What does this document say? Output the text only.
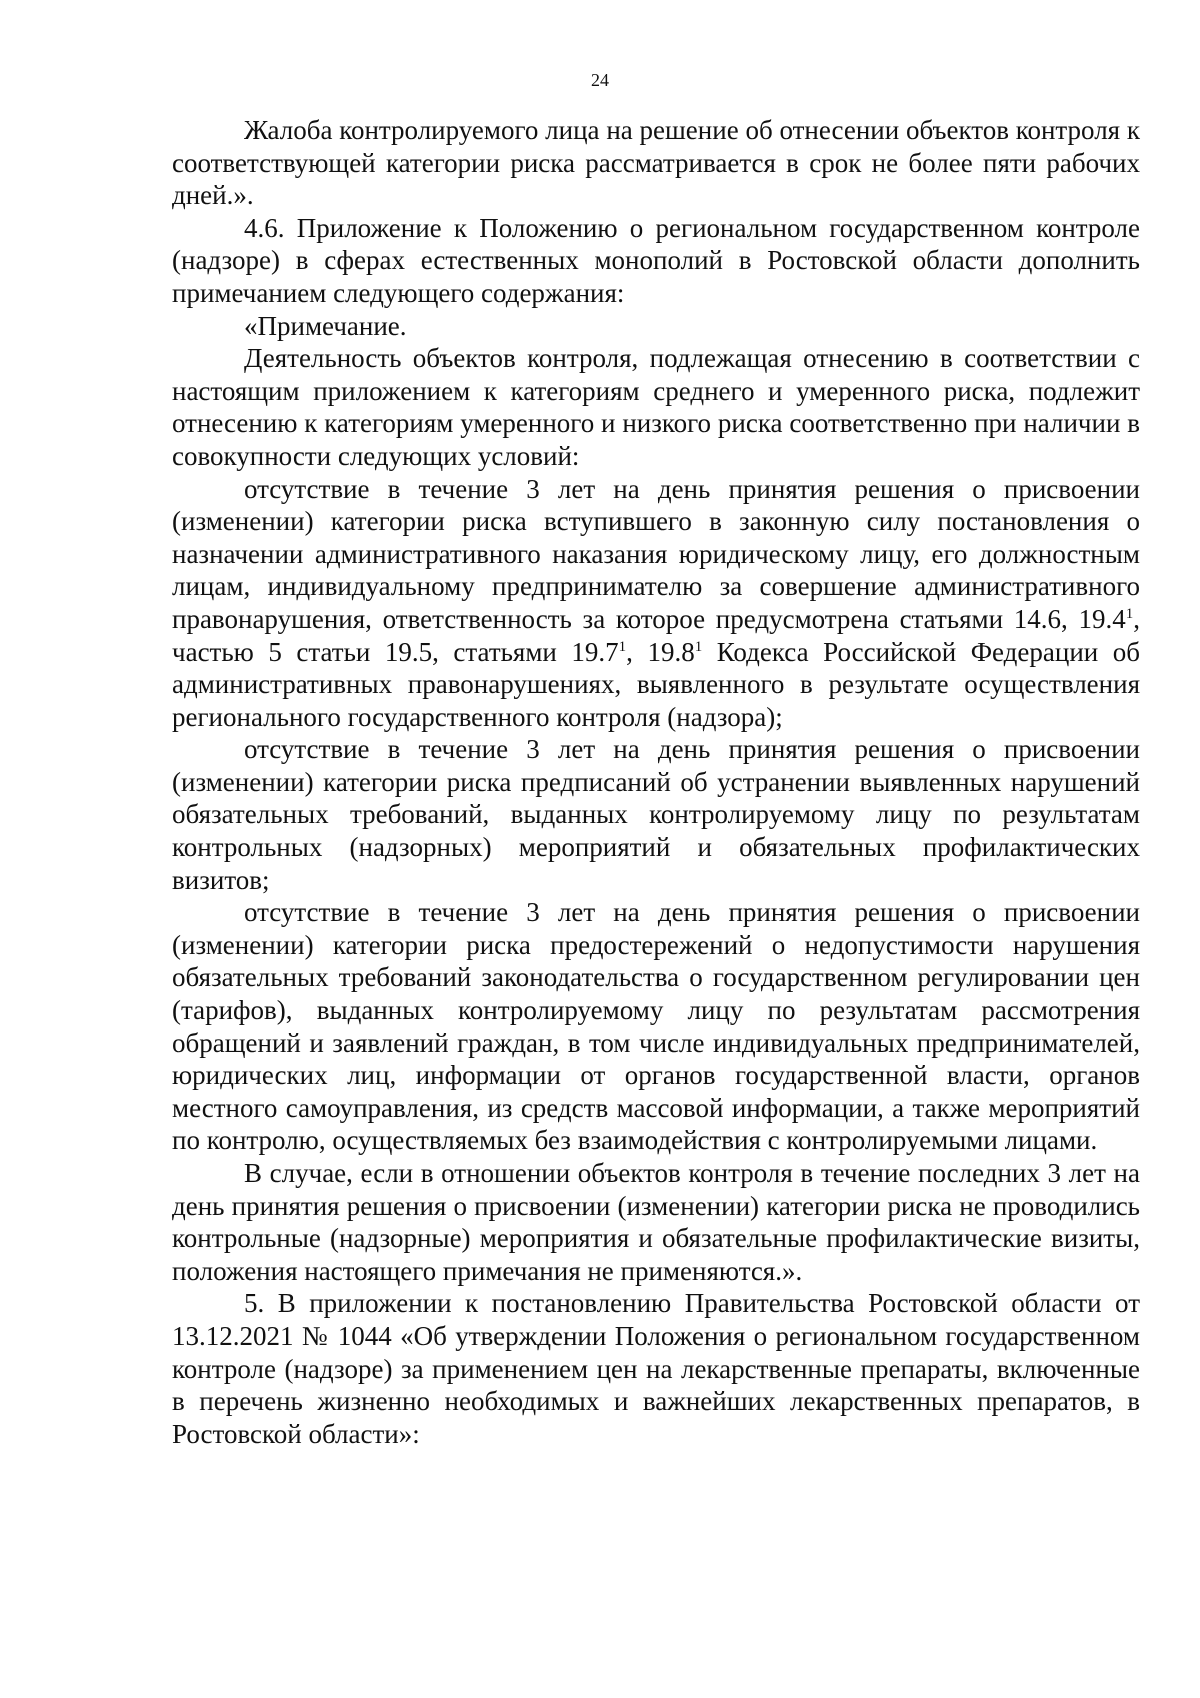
24

Жалоба контролируемого лица на решение об отнесении объектов контроля к соответствующей категории риска рассматривается в срок не более пяти рабочих дней.».

4.6. Приложение к Положению о региональном государственном контроле (надзоре) в сферах естественных монополий в Ростовской области дополнить примечанием следующего содержания:

«Примечание.

Деятельность объектов контроля, подлежащая отнесению в соответствии с настоящим приложением к категориям среднего и умеренного риска, подлежит отнесению к категориям умеренного и низкого риска соответственно при наличии в совокупности следующих условий:

отсутствие в течение 3 лет на день принятия решения о присвоении (изменении) категории риска вступившего в законную силу постановления о назначении административного наказания юридическому лицу, его должностным лицам, индивидуальному предпринимателю за совершение административного правонарушения, ответственность за которое предусмотрена статьями 14.6, 19.4$^1$, частью 5 статьи 19.5, статьями 19.7$^1$, 19.8$^1$ Кодекса Российской Федерации об административных правонарушениях, выявленного в результате осуществления регионального государственного контроля (надзора);

отсутствие в течение 3 лет на день принятия решения о присвоении (изменении) категории риска предписаний об устранении выявленных нарушений обязательных требований, выданных контролируемому лицу по результатам контрольных (надзорных) мероприятий и обязательных профилактических визитов;

отсутствие в течение 3 лет на день принятия решения о присвоении (изменении) категории риска предостережений о недопустимости нарушения обязательных требований законодательства о государственном регулировании цен (тарифов), выданных контролируемому лицу по результатам рассмотрения обращений и заявлений граждан, в том числе индивидуальных предпринимателей, юридических лиц, информации от органов государственной власти, органов местного самоуправления, из средств массовой информации, а также мероприятий по контролю, осуществляемых без взаимодействия с контролируемыми лицами.

В случае, если в отношении объектов контроля в течение последних 3 лет на день принятия решения о присвоении (изменении) категории риска не проводились контрольные (надзорные) мероприятия и обязательные профилактические визиты, положения настоящего примечания не применяются.».

5. В приложении к постановлению Правительства Ростовской области от 13.12.2021 № 1044 «Об утверждении Положения о региональном государственном контроле (надзоре) за применением цен на лекарственные препараты, включенные в перечень жизненно необходимых и важнейших лекарственных препаратов, в Ростовской области»:
